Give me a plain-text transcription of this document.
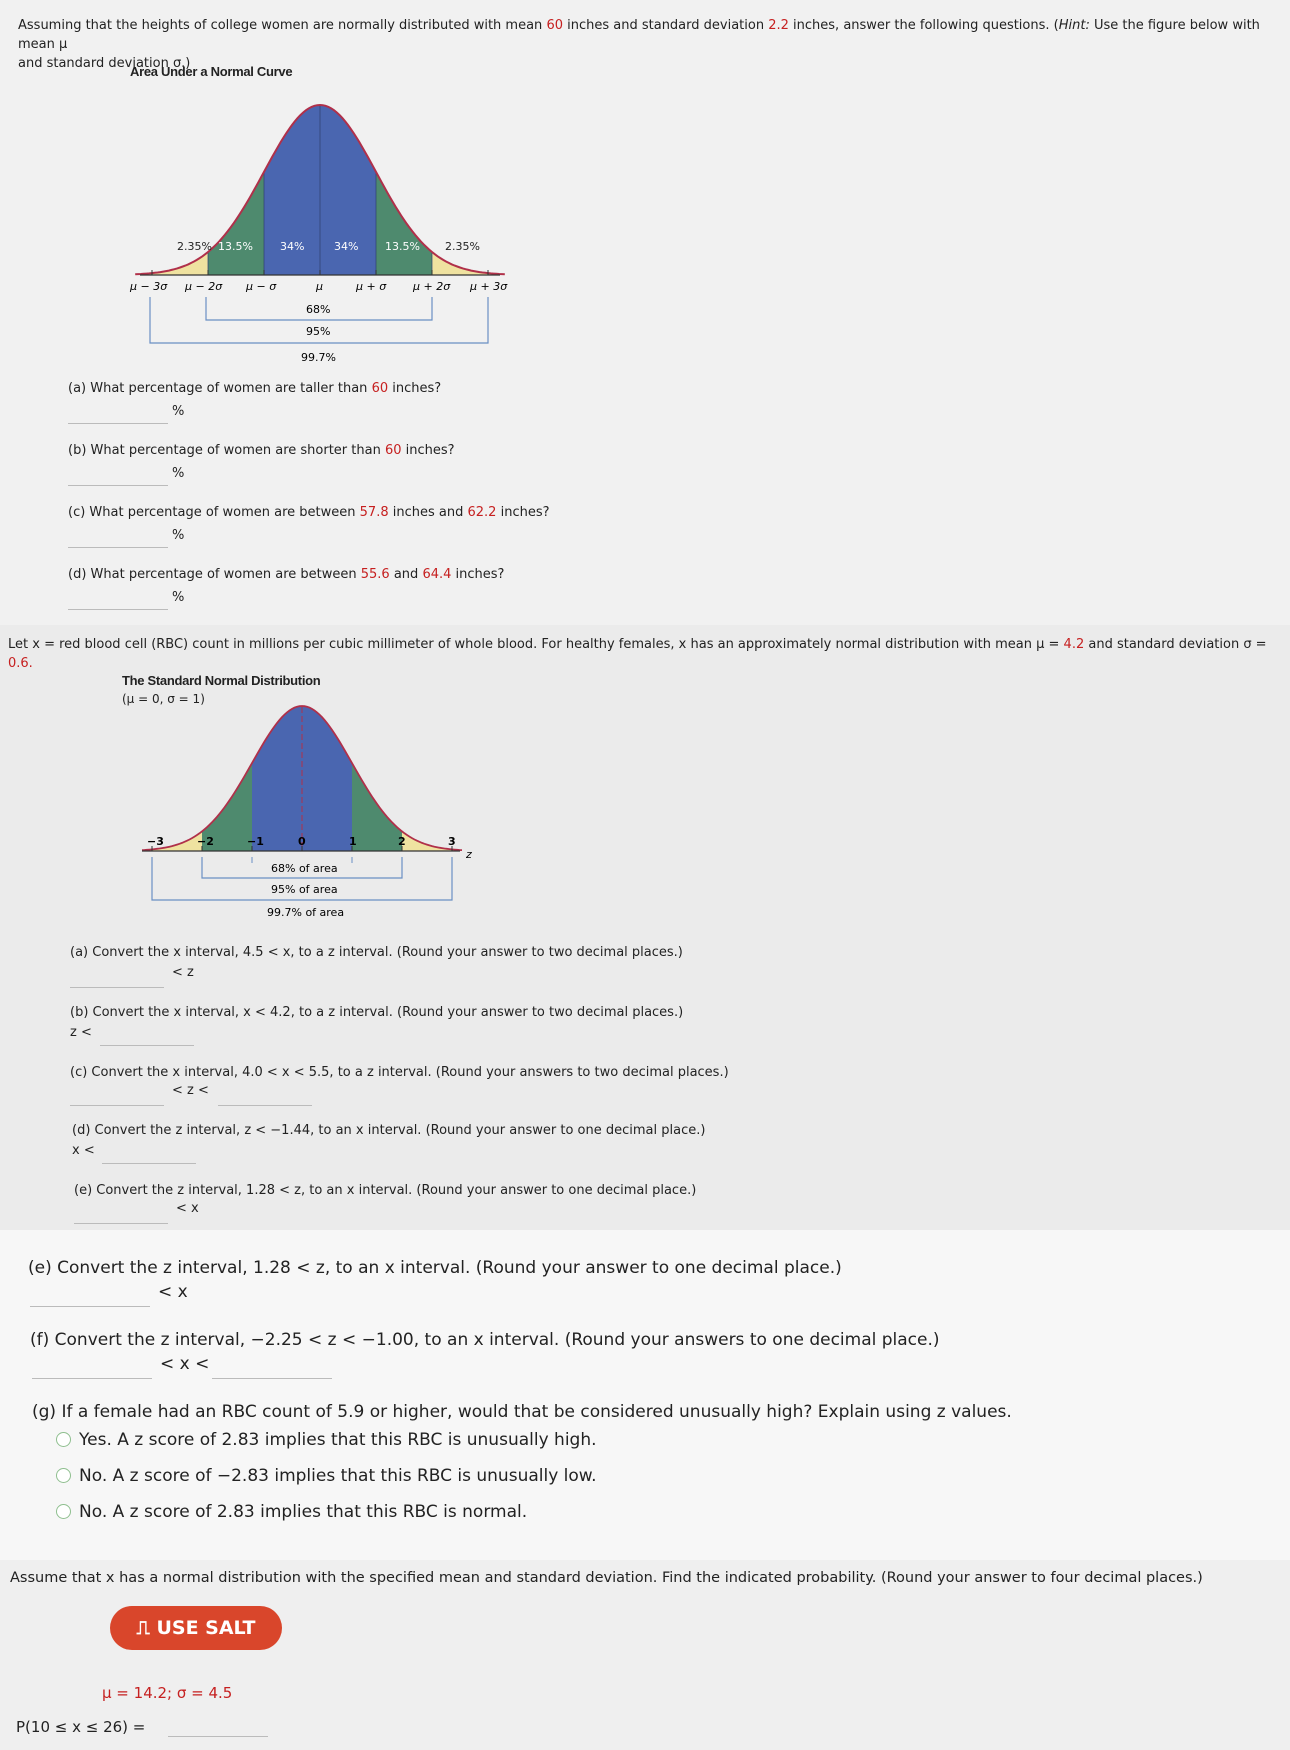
Assuming that the heights of college women are normally distributed with mean 60 inches and standard deviation 2.2 inches, answer the following questions. (Hint: Use the figure below with mean μ
and standard deviation σ.)
Area Under a Normal Curve
2.35% 13.5% 34%	34% 13.5% 2.35%
μ − 3σ μ − 2σ μ − σ	μ	μ + σ μ + 2σ μ + 3σ
68%
95%
99.7%
(a) What percentage of women are taller than 60 inches?
%
(b) What percentage of women are shorter than 60 inches?
%
(c) What percentage of women are between 57.8 inches and 62.2 inches?
%
(d) What percentage of women are between 55.6 and 64.4 inches?
%
Let x = red blood cell (RBC) count in millions per cubic millimeter of whole blood. For healthy females, x has an approximately normal distribution with mean μ = 4.2 and standard deviation σ = 0.6.
The Standard Normal Distribution
(μ = 0, σ = 1)
−3	−2	−1	0	1	2	3
z
68% of area
95% of area
99.7% of area
(a) Convert the x interval, 4.5 < x, to a z interval. (Round your answer to two decimal places.)
< z
(b) Convert the x interval, x < 4.2, to a z interval. (Round your answer to two decimal places.)
z <
(c) Convert the x interval, 4.0 < x < 5.5, to a z interval. (Round your answers to two decimal places.)
< z <
(d) Convert the z interval, z < −1.44, to an x interval. (Round your answer to one decimal place.)
x <
(e) Convert the z interval, 1.28 < z, to an x interval. (Round your answer to one decimal place.)
< x
(e) Convert the z interval, 1.28 < z, to an x interval. (Round your answer to one decimal place.)
< x
(f) Convert the z interval, −2.25 < z < −1.00, to an x interval. (Round your answers to one decimal place.)
< x <
(g) If a female had an RBC count of 5.9 or higher, would that be considered unusually high? Explain using z values.
Yes. A z score of 2.83 implies that this RBC is unusually high.
No. A z score of −2.83 implies that this RBC is unusually low.
No. A z score of 2.83 implies that this RBC is normal.
Assume that x has a normal distribution with the specified mean and standard deviation. Find the indicated probability. (Round your answer to four decimal places.)
⎍ USE SALT
μ = 14.2; σ = 4.5
P(10 ≤ x ≤ 26) =
